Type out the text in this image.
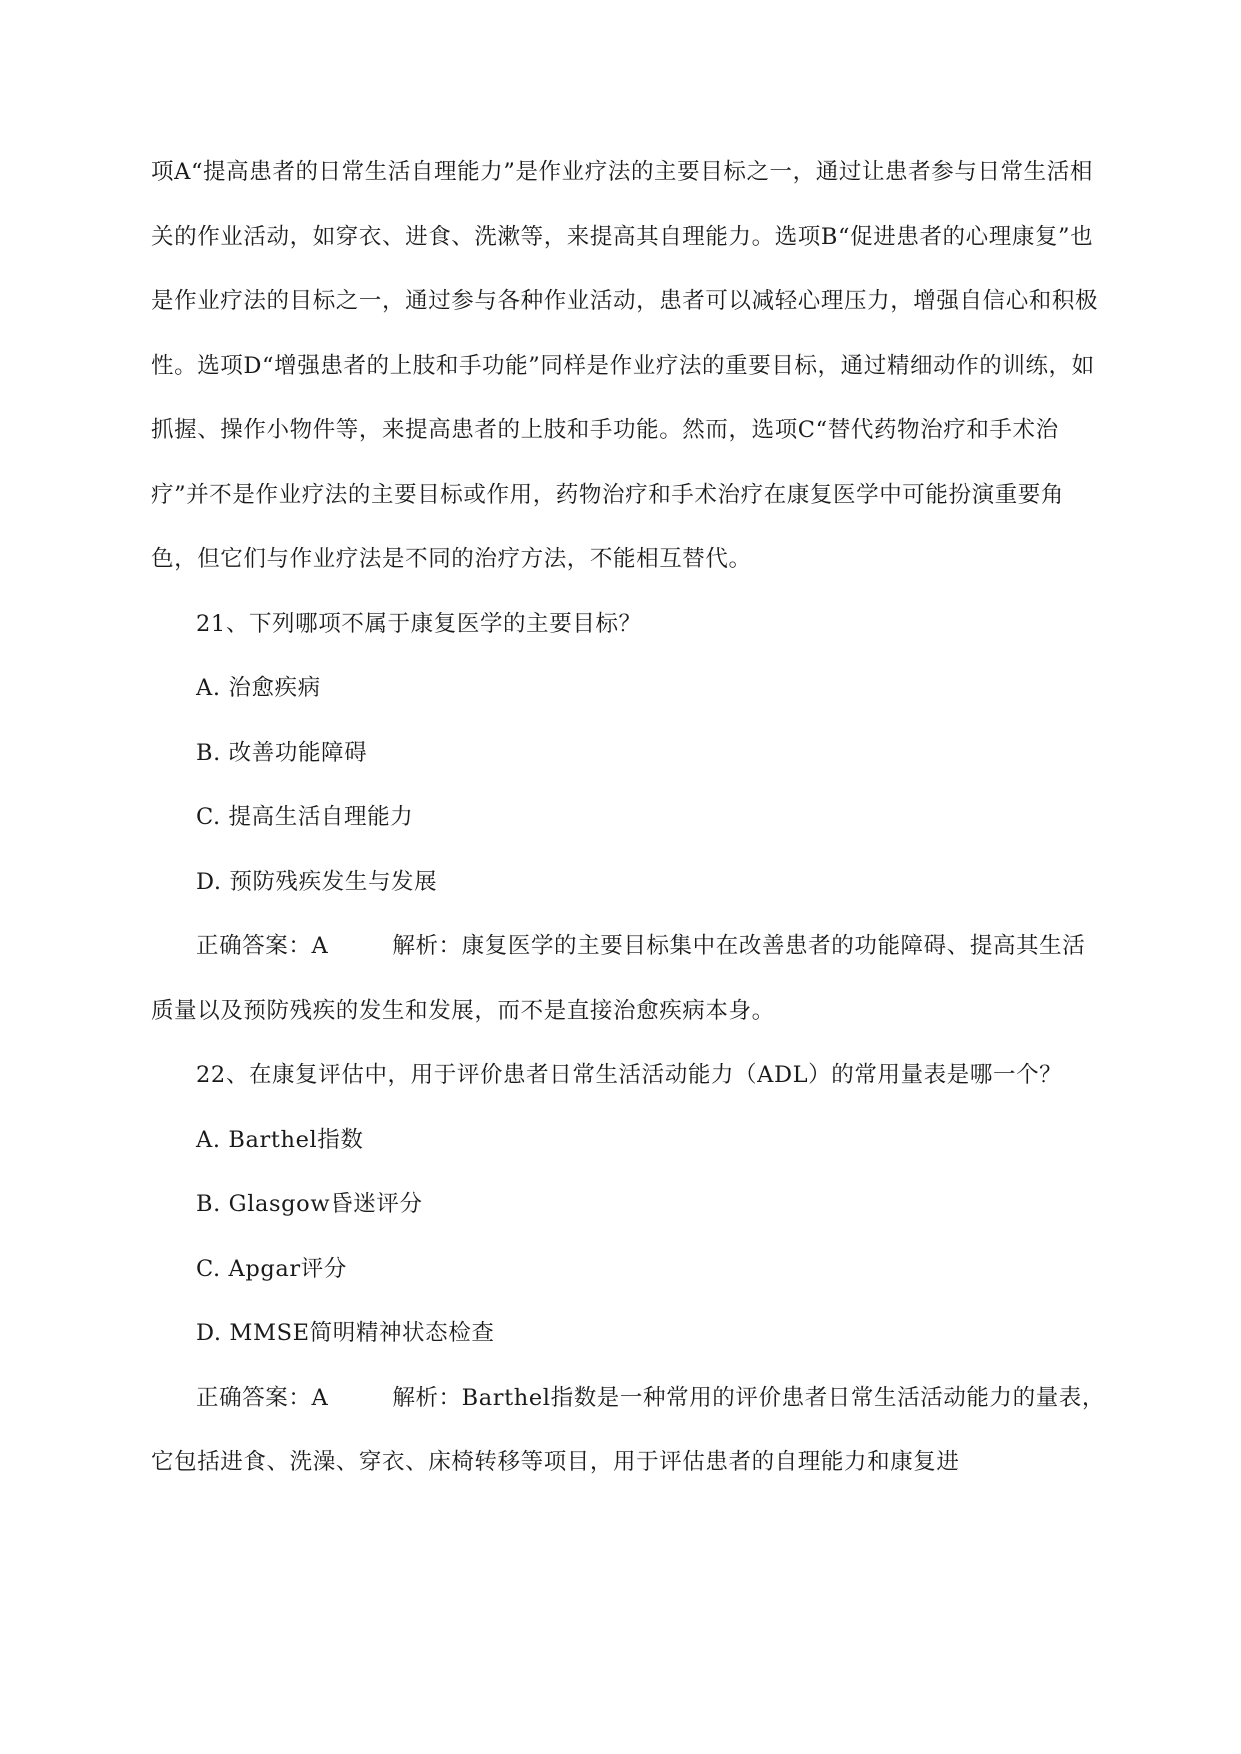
项A“提高患者的日常生活自理能力”是作业疗法的主要目标之一，通过让患者参与日常生活相关的作业活动，如穿衣、进食、洗漱等，来提高其自理能力。选项B“促进患者的心理康复”也是作业疗法的目标之一，通过参与各种作业活动，患者可以减轻心理压力，增强自信心和积极性。选项D“增强患者的上肢和手功能”同样是作业疗法的重要目标，通过精细动作的训练，如抓握、操作小物件等，来提高患者的上肢和手功能。然而，选项C“替代药物治疗和手术治疗”并不是作业疗法的主要目标或作用，药物治疗和手术治疗在康复医学中可能扮演重要角色，但它们与作业疗法是不同的治疗方法，不能相互替代。

21、下列哪项不属于康复医学的主要目标？

A. 治愈疾病

B. 改善功能障碍

C. 提高生活自理能力

D. 预防残疾发生与发展

正确答案：A	解析：康复医学的主要目标集中在改善患者的功能障碍、提高其生活质量以及预防残疾的发生和发展，而不是直接治愈疾病本身。

22、在康复评估中，用于评价患者日常生活活动能力（ADL）的常用量表是哪一个？

A. Barthel指数

B. Glasgow昏迷评分

C. Apgar评分

D. MMSE简明精神状态检查

正确答案：A	解析：Barthel指数是一种常用的评价患者日常生活活动能力的量表，它包括进食、洗澡、穿衣、床椅转移等项目，用于评估患者的自理能力和康复进
